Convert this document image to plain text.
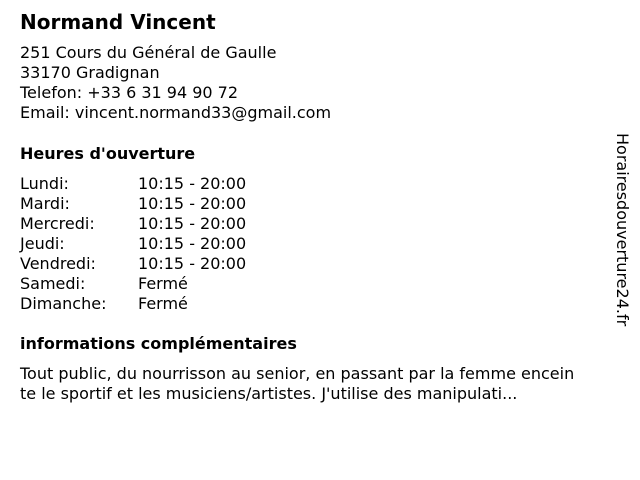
Normand Vincent
251 Cours du Général de Gaulle
33170 Gradignan
Telefon: +33 6 31 94 90 72
Email: vincent.normand33@gmail.com
Heures d'ouverture
Lundi:	10:15 - 20:00
Mardi:	10:15 - 20:00
Mercredi:	10:15 - 20:00
Jeudi:	10:15 - 20:00
Vendredi:	10:15 - 20:00
Samedi:	Fermé
Dimanche:	Fermé
informations complémentaires
Tout public, du nourrisson au senior, en passant par la femme encein
te le sportif et les musiciens/artistes. J'utilise des manipulati...
Horairesdouverture24.fr
